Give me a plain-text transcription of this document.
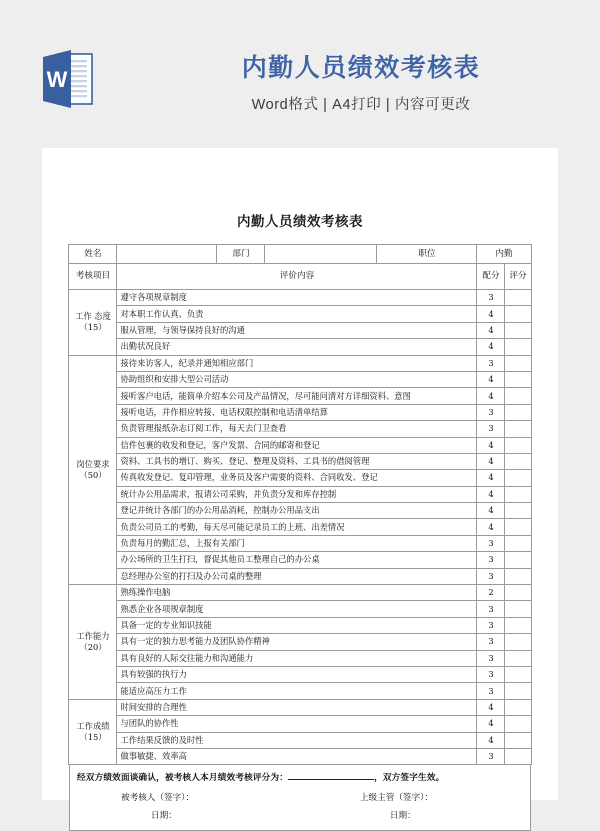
W	内勤人员绩效考核表
Word格式 | A4打印 | 内容可更改
内勤人员绩效考核表
姓名		部门		职位	内勤	
考核项目	评价内容				配分	评分
工作 态度
（15）	遵守各项规章制度				3	
	对本职工作认真、负责				4	
	服从管理，与领导保持良好的沟通				4	
	出勤状况良好				4	
岗位要求
（50）	接待来访客人，纪录并通知相应部门				3	
	协助组织和安排大型公司活动				4	
	接听客户电话，能简单介绍本公司及产品情况，尽可能问清对方详细资料、意图				4	
	接听电话，并作相应转接、电话权限控制和电话清单结算				3	
	负责管理报纸杂志订阅工作，每天去门卫查看				3	
	信件包裹的收发和登记，客户发票、合同的邮寄和登记				4	
	资料、工具书的增订、购买、登记、整理及资料、工具书的借阅管理				4	
	传真收发登记、复印管理，业务员及客户需要的资料、合同收发、登记				4	
	统计办公用品需求，报请公司采购，并负责分发和库存控制				4	
	登记并统计各部门的办公用品消耗，控制办公用品支出				4	
	负责公司员工的考勤，每天尽可能记录员工的上班、出差情况				4	
	负责每月的勤汇总，上报有关部门				3	
	办公场所的卫生打扫，督促其他员工整理自己的办公桌				3	
	总经理办公室的打扫及办公司桌的整理				3	
工作能力（20）	熟练操作电脑				2	
	熟悉企业各项规章制度				3	
	具备一定的专业知识技能				3	
	具有一定的独力思考能力及团队协作精神				3	
	具有良好的人际交往能力和沟通能力				3	
	具有较强的执行力				3	
	能适应高压力工作				3	
工作成绩（15）	时间安排的合理性				4	
	与团队的协作性				4	
	工作结果反馈的及时性				4	
	做事敏捷、效率高				3	
经双方绩效面谈确认，被考核人本月绩效考核评分为：	，双方签字生效。
被考核人（签字）：	上级主管（签字）：
日期：	日期：
